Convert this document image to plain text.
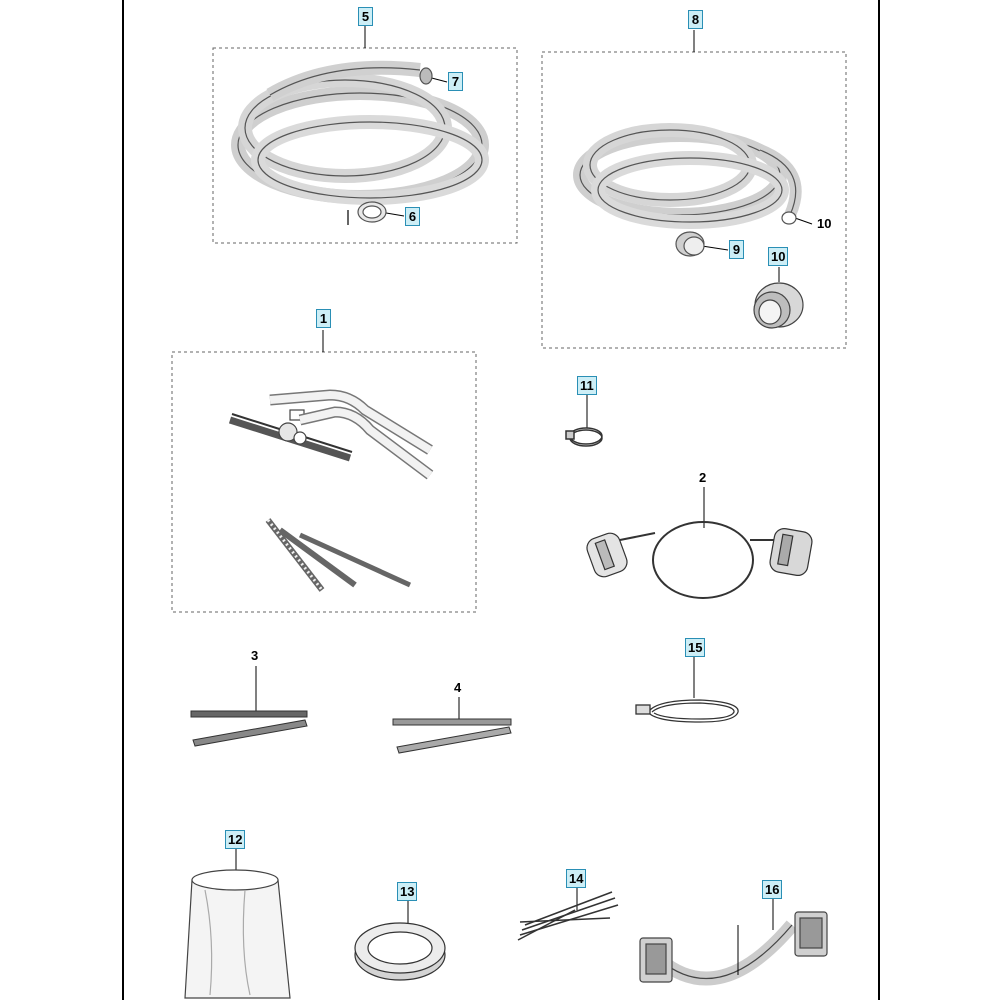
5	8
7
6	10
9 10
1
11
2
15
3
4
12
14
16
13
